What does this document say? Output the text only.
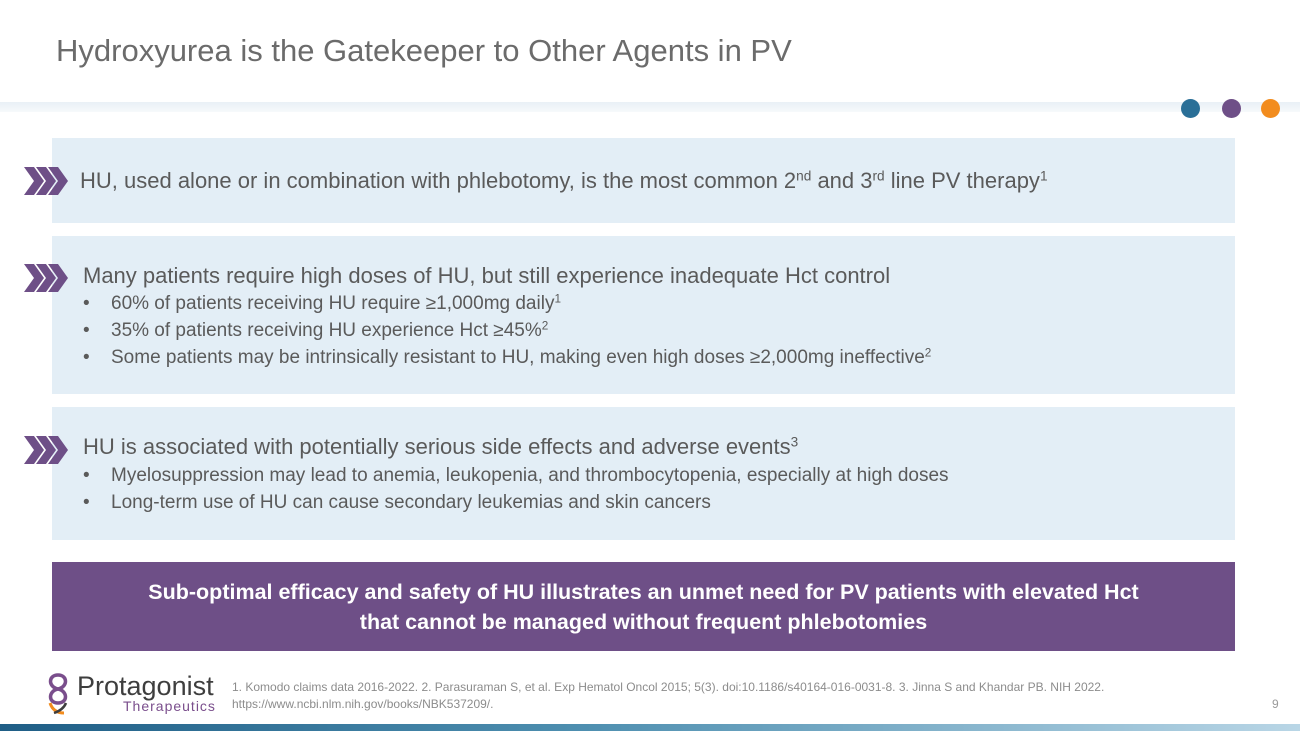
Hydroxyurea is the Gatekeeper to Other Agents in PV
HU, used alone or in combination with phlebotomy, is the most common 2nd and 3rd line PV therapy$^1$
Many patients require high doses of HU, but still experience inadequate Hct control
• 60% of patients receiving HU require ≥1,000mg daily$^1$
• 35% of patients receiving HU experience Hct ≥45%$^2$
• Some patients may be intrinsically resistant to HU, making even high doses ≥2,000mg ineffective$^2$
HU is associated with potentially serious side effects and adverse events$^3$
• Myelosuppression may lead to anemia, leukopenia, and thrombocytopenia, especially at high doses
• Long-term use of HU can cause secondary leukemias and skin cancers
Sub-optimal efficacy and safety of HU illustrates an unmet need for PV patients with elevated Hct
that cannot be managed without frequent phlebotomies
Protagonist
Therapeutics
1. Komodo claims data 2016-2022. 2. Parasuraman S, et al. Exp Hematol Oncol 2015; 5(3). doi:10.1186/s40164-016-0031-8. 3. Jinna S and Khandar PB. NIH 2022.
https://www.ncbi.nlm.nih.gov/books/NBK537209/.	9
